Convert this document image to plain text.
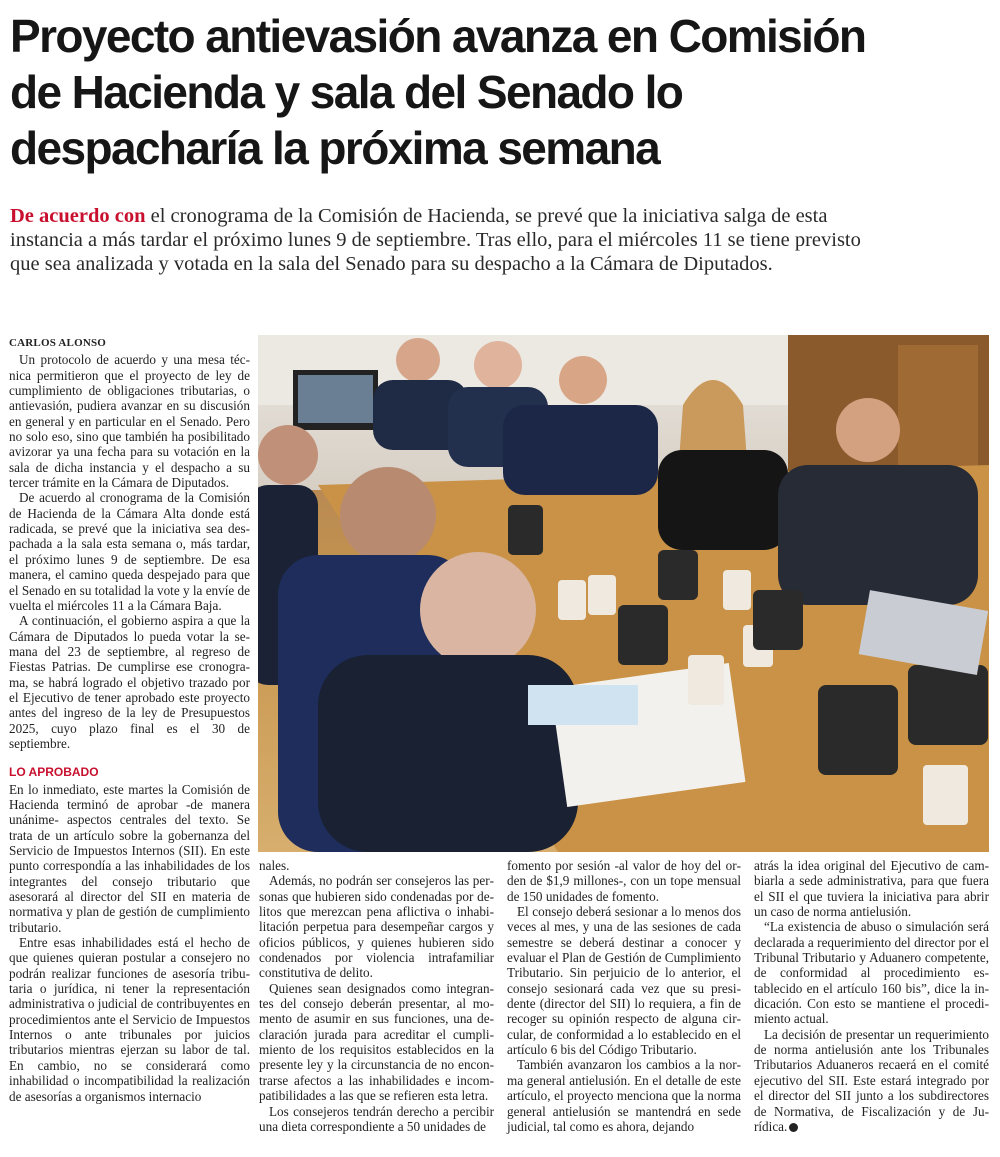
Proyecto antievasión avanza en Comisión
de Hacienda y sala del Senado lo
despacharía la próxima semana

De acuerdo con el cronograma de la Comisión de Hacienda, se prevé que la iniciativa salga de esta
instancia a más tardar el próximo lunes 9 de septiembre. Tras ello, para el miércoles 11 se tiene previsto
que sea analizada y votada en la sala del Senado para su despacho a la Cámara de Diputados.

CARLOS ALONSO

Un protocolo de acuerdo y una mesa técnica permitieron que el proyecto de ley de cumplimiento de obligaciones tributarias, o antievasión, pudiera avanzar en su discusión en general y en particular en el Senado. Pero no solo eso, sino que también ha posibilitado avizorar ya una fecha para su votación en la sala de dicha instancia y el despacho a su tercer trámite en la Cámara de Diputados.

De acuerdo al cronograma de la Comisión de Hacienda de la Cámara Alta donde está radicada, se prevé que la iniciativa sea despachada a la sala esta semana o, más tardar, el próximo lunes 9 de septiembre. De esa manera, el camino queda despejado para que el Senado en su totalidad la vote y la envíe de vuelta el miércoles 11 a la Cámara Baja.

A continuación, el gobierno aspira a que la Cámara de Diputados lo pueda votar la semana del 23 de septiembre, al regreso de Fiestas Patrias. De cumplirse ese cronograma, se habrá logrado el objetivo trazado por el Ejecutivo de tener aprobado este proyecto antes del ingreso de la ley de Presupuestos 2025, cuyo plazo final es el 30 de septiembre.

LO APROBADO

En lo inmediato, este martes la Comisión de Hacienda terminó de aprobar -de manera unánime- aspectos centrales del texto. Se trata de un artículo sobre la gobernanza del Servicio de Impuestos Internos (SII). En este punto correspondía a las inhabilidades de los integrantes del consejo tributario que asesorará al director del SII en materia de normativa y plan de gestión de cumplimiento tributario.

Entre esas inhabilidades está el hecho de que quienes quieran postular a consejero no podrán realizar funciones de asesoría tributaria o jurídica, ni tener la representación administrativa o judicial de contribuyentes en procedimientos ante el Servicio de Impuestos Internos o ante tribunales por juicios tributarios mientras ejerzan su labor de tal. En cambio, no se considerará como inhabilidad o incompatibilidad la realización de asesorías a organismos internacio

nales.

Además, no podrán ser consejeros las personas que hubieren sido condenadas por delitos que merezcan pena aflictiva o inhabilitación perpetua para desempeñar cargos y oficios públicos, y quienes hubieren sido condenados por violencia intrafamiliar constitutiva de delito.

Quienes sean designados como integrantes del consejo deberán presentar, al momento de asumir en sus funciones, una declaración jurada para acreditar el cumplimiento de los requisitos establecidos en la presente ley y la circunstancia de no encontrarse afectos a las inhabilidades e incompatibilidades a las que se refieren esta letra.

Los consejeros tendrán derecho a percibir una dieta correspondiente a 50 unidades de

fomento por sesión -al valor de hoy del orden de $1,9 millones-, con un tope mensual de 150 unidades de fomento.

El consejo deberá sesionar a lo menos dos veces al mes, y una de las sesiones de cada semestre se deberá destinar a conocer y evaluar el Plan de Gestión de Cumplimiento Tributario. Sin perjuicio de lo anterior, el consejo sesionará cada vez que su presidente (director del SII) lo requiera, a fin de recoger su opinión respecto de alguna circular, de conformidad a lo establecido en el artículo 6 bis del Código Tributario.

También avanzaron los cambios a la norma general antielusión. En el detalle de este artículo, el proyecto menciona que la norma general antielusión se mantendrá en sede judicial, tal como es ahora, dejando

atrás la idea original del Ejecutivo de cambiarla a sede administrativa, para que fuera el SII el que tuviera la iniciativa para abrir un caso de norma antielusión.

“La existencia de abuso o simulación será declarada a requerimiento del director por el Tribunal Tributario y Aduanero competente, de conformidad al procedimiento establecido en el artículo 160 bis”, dice la indicación. Con esto se mantiene el procedimiento actual.

La decisión de presentar un requerimiento de norma antielusión ante los Tribunales Tributarios Aduaneros recaerá en el comité ejecutivo del SII. Este estará integrado por el director del SII junto a los subdirectores de Normativa, de Fiscalización y de Jurídica.
